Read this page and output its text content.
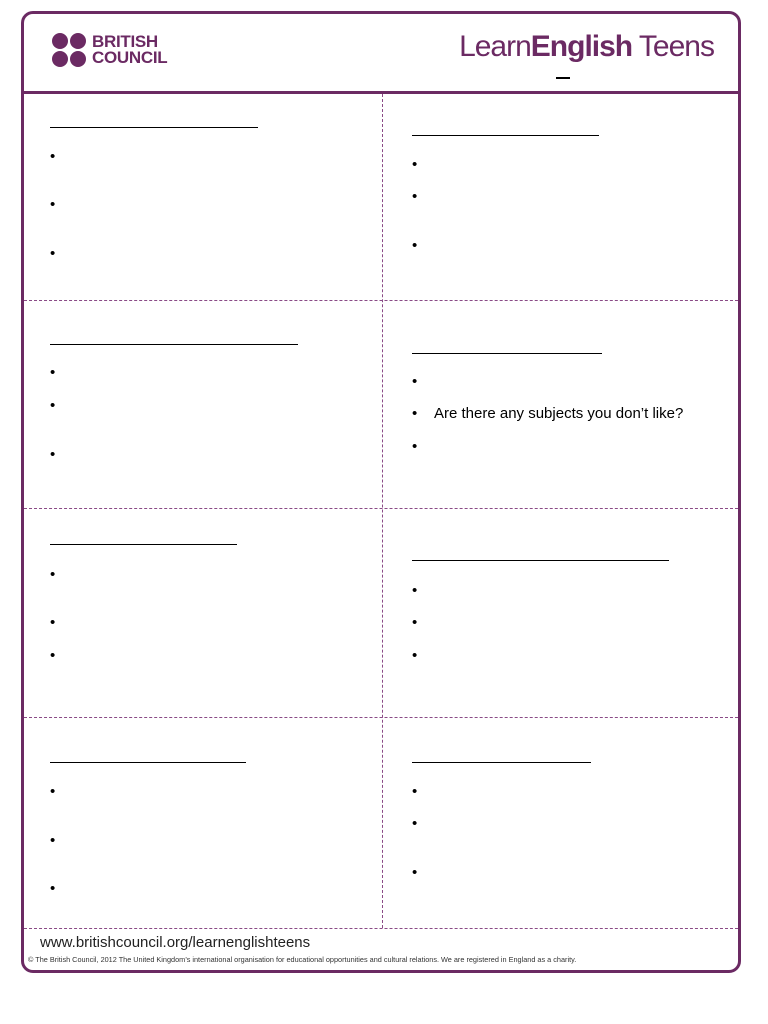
BRITISH
COUNCIL	LearnEnglish Teens
•
•
•
•
•
•
•
•
•
•
• Are there any subjects you don’t like?
•
•
•
•
•
•
•
•
•
•
•
•
•
www.britishcouncil.org/learnenglishteens
© The British Council, 2012 The United Kingdom’s international organisation for educational opportunities and cultural relations. We are registered in England as a charity.
